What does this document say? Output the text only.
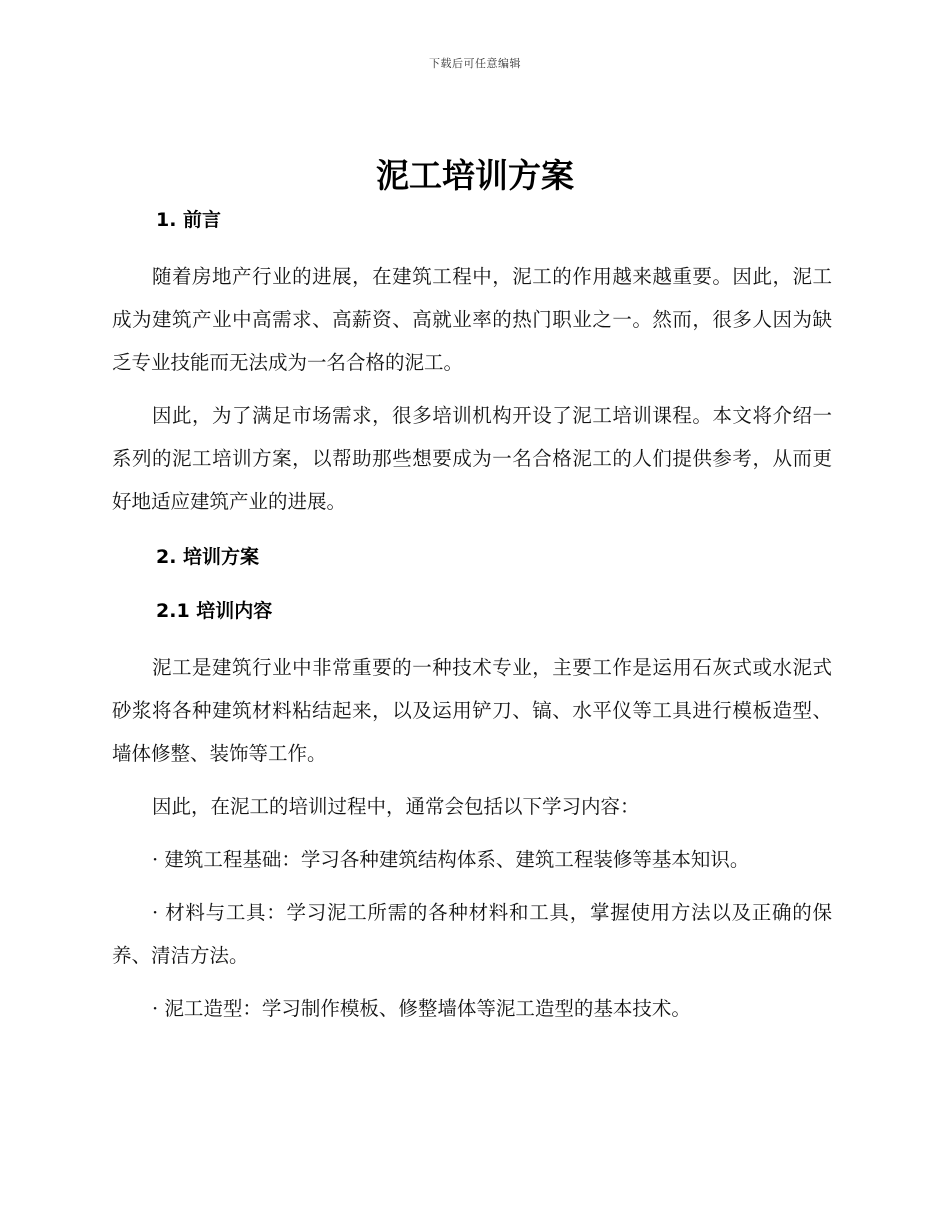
下载后可任意编辑
泥工培训方案

1. 前言

随着房地产行业的进展，在建筑工程中，泥工的作用越来越重要。因此，泥工成为建筑产业中高需求、高薪资、高就业率的热门职业之一。然而，很多人因为缺乏专业技能而无法成为一名合格的泥工。

因此，为了满足市场需求，很多培训机构开设了泥工培训课程。本文将介绍一系列的泥工培训方案，以帮助那些想要成为一名合格泥工的人们提供参考，从而更好地适应建筑产业的进展。

2. 培训方案

2.1 培训内容

泥工是建筑行业中非常重要的一种技术专业，主要工作是运用石灰式或水泥式砂浆将各种建筑材料粘结起来，以及运用铲刀、镐、水平仪等工具进行模板造型、墙体修整、装饰等工作。

因此，在泥工的培训过程中，通常会包括以下学习内容：

· 建筑工程基础：学习各种建筑结构体系、建筑工程装修等基本知识。

· 材料与工具：学习泥工所需的各种材料和工具，掌握使用方法以及正确的保养、清洁方法。

· 泥工造型：学习制作模板、修整墙体等泥工造型的基本技术。
